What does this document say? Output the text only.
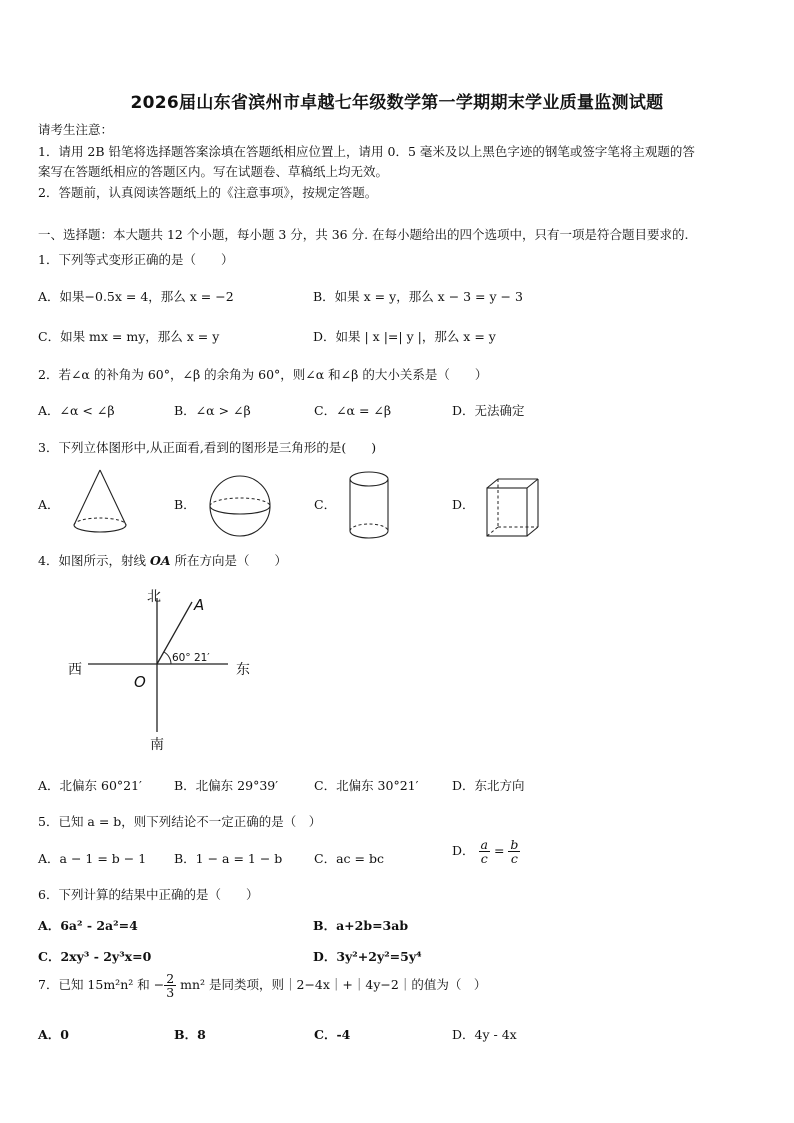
2026届山东省滨州市卓越七年级数学第一学期期末学业质量监测试题
请考生注意：
1．请用 2B 铅笔将选择题答案涂填在答题纸相应位置上，请用 0．5 毫米及以上黑色字迹的钢笔或签字笔将主观题的答
案写在答题纸相应的答题区内。写在试题卷、草稿纸上均无效。
2．答题前，认真阅读答题纸上的《注意事项》，按规定答题。
一、选择题：本大题共 12 个小题，每小题 3 分，共 36 分. 在每小题给出的四个选项中，只有一项是符合题目要求的.
1．下列等式变形正确的是（　　）
A．如果−0.5x = 4，那么 x = −2	B．如果 x = y，那么 x − 3 = y − 3
C．如果 mx = my，那么 x = y	D．如果 | x |=| y |，那么 x = y
2．若∠α 的补角为 60°，∠β 的余角为 60°，则∠α 和∠β 的大小关系是（　　）
A．∠α < ∠β	B．∠α > ∠β	C．∠α = ∠β	D．无法确定
3．下列立体图形中,从正面看,看到的图形是三角形的是(　　)
A．	B．	C．	D．
4．如图所示，射线 OA 所在方向是（　　）
北
南
西	东
O
A
60° 21′
A．北偏东 60°21′	B．北偏东 29°39′	C．北偏东 30°21′	D．东北方向
5．已知 a = b，则下列结论不一定正确的是（　）
A．a − 1 = b − 1 B．1 − a = 1 − b	C．ac = bc
D． $\frac{a}{c} = \frac{b}{c}$
6．下列计算的结果中正确的是（　　）
A．6a² - 2a²=4	B．a+2b=3ab
C．2xy³ - 2y³x=0	D．3y²+2y²=5y⁴
7．已知 15m²n² 和 − $\frac{2}{3} mn^2$ 是同类项，则｜2−4x｜+｜4y−2｜的值为（　）
A．0	B．8	C．-4	D．4y - 4x
